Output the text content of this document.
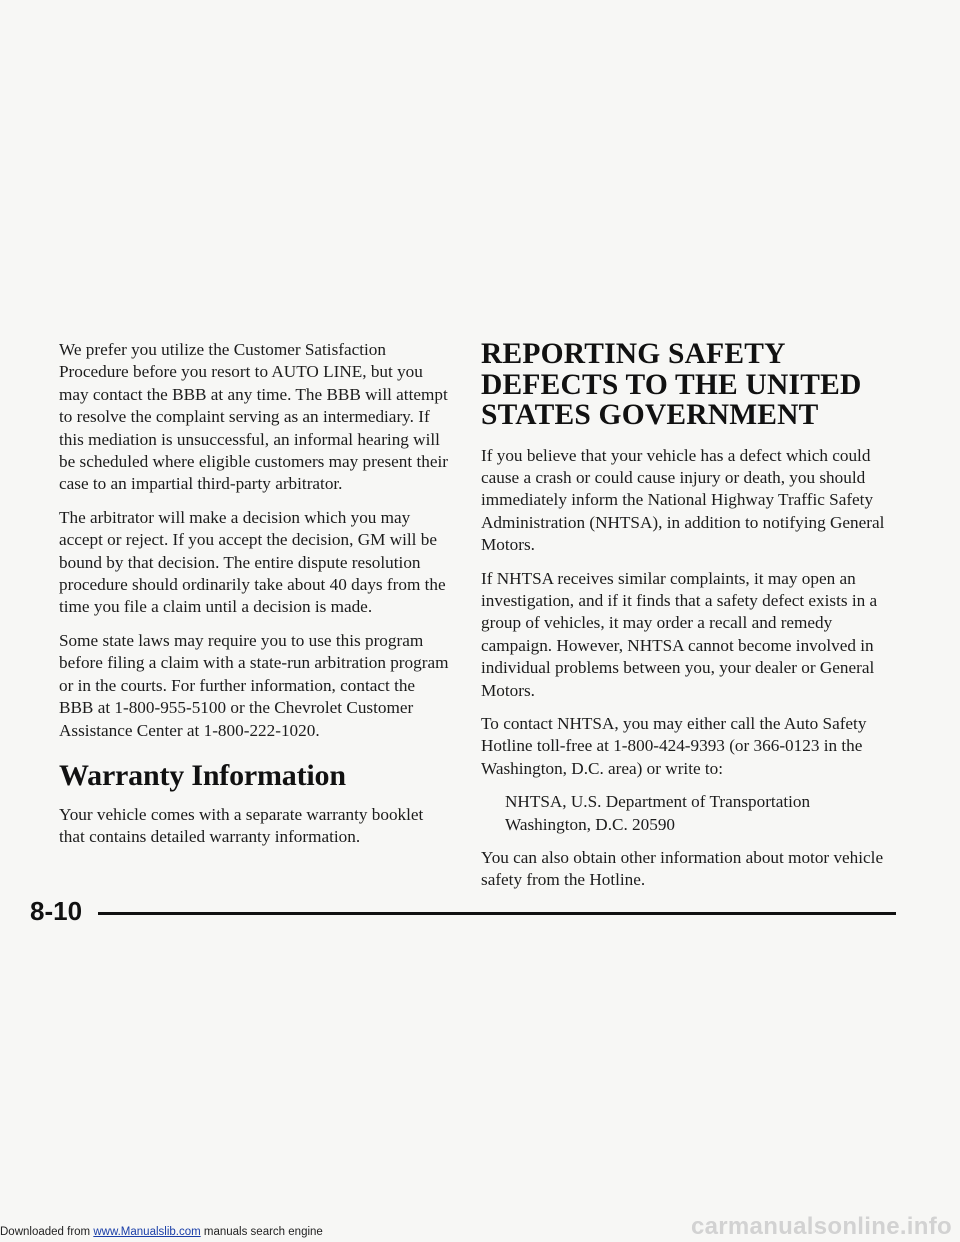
We prefer you utilize the Customer Satisfaction Procedure before you resort to AUTO LINE, but you may contact the BBB at any time. The BBB will attempt to resolve the complaint serving as an intermediary. If this mediation is unsuccessful, an informal hearing will be scheduled where eligible customers may present their case to an impartial third-party arbitrator.

The arbitrator will make a decision which you may accept or reject. If you accept the decision, GM will be bound by that decision. The entire dispute resolution procedure should ordinarily take about 40 days from the time you file a claim until a decision is made.

Some state laws may require you to use this program before filing a claim with a state-run arbitration program or in the courts. For further information, contact the BBB at 1-800-955-5100 or the Chevrolet Customer Assistance Center at 1-800-222-1020.

Warranty Information

Your vehicle comes with a separate warranty booklet that contains detailed warranty information.

REPORTING SAFETY DEFECTS TO THE UNITED STATES GOVERNMENT

If you believe that your vehicle has a defect which could cause a crash or could cause injury or death, you should immediately inform the National Highway Traffic Safety Administration (NHTSA), in addition to notifying General Motors.

If NHTSA receives similar complaints, it may open an investigation, and if it finds that a safety defect exists in a group of vehicles, it may order a recall and remedy campaign. However, NHTSA cannot become involved in individual problems between you, your dealer or General Motors.

To contact NHTSA, you may either call the Auto Safety Hotline toll-free at 1-800-424-9393 (or 366-0123 in the Washington, D.C. area) or write to:

NHTSA, U.S. Department of Transportation
Washington, D.C. 20590

You can also obtain other information about motor vehicle safety from the Hotline.

8-10
Downloaded from www.Manualslib.com manuals search engine	carmanualsonline.info
